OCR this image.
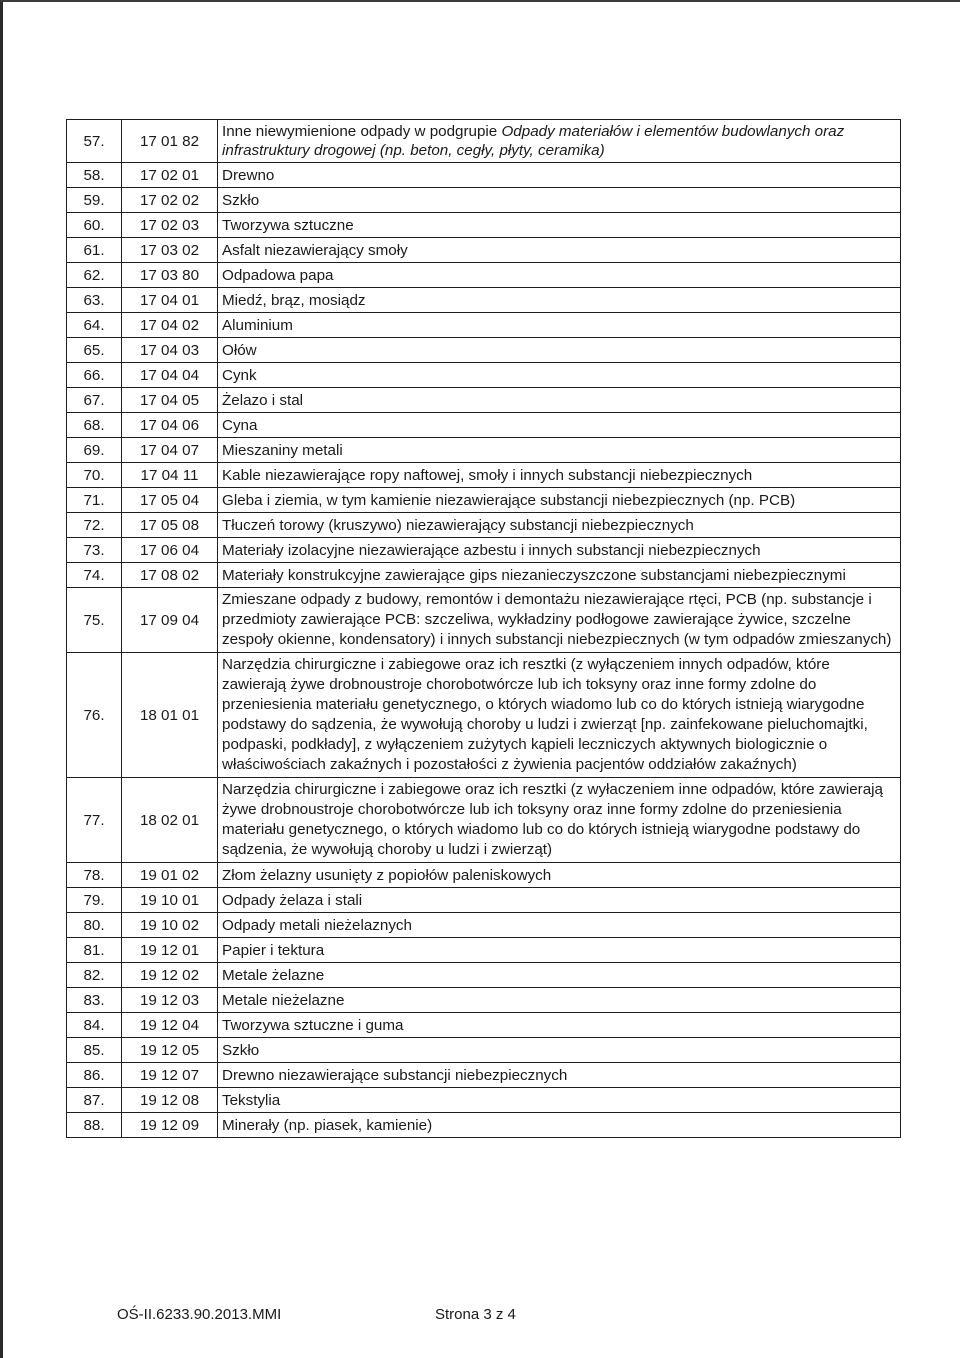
57.	17 01 82	Inne niewymienione odpady w podgrupie Odpady materiałów i elementów budowlanych oraz infrastruktury drogowej (np. beton, cegły, płyty, ceramika)
58.	17 02 01	Drewno
59.	17 02 02	Szkło
60.	17 02 03	Tworzywa sztuczne
61.	17 03 02	Asfalt niezawierający smoły
62.	17 03 80	Odpadowa papa
63.	17 04 01	Miedź, brąz, mosiądz
64.	17 04 02	Aluminium
65.	17 04 03	Ołów
66.	17 04 04	Cynk
67.	17 04 05	Żelazo i stal
68.	17 04 06	Cyna
69.	17 04 07	Mieszaniny metali
70.	17 04 11	Kable niezawierające ropy naftowej, smoły i innych substancji niebezpiecznych
71.	17 05 04	Gleba i ziemia, w tym kamienie niezawierające substancji niebezpiecznych (np. PCB)
72.	17 05 08	Tłuczeń torowy (kruszywo) niezawierający substancji niebezpiecznych
73.	17 06 04	Materiały izolacyjne niezawierające azbestu i innych substancji niebezpiecznych
74.	17 08 02	Materiały konstrukcyjne zawierające gips niezanieczyszczone substancjami niebezpiecznymi
75.	17 09 04	Zmieszane odpady z budowy, remontów i demontażu niezawierające rtęci, PCB (np. substancje i przedmioty zawierające PCB: szczeliwa, wykładziny podłogowe zawierające żywice, szczelne zespoły okienne, kondensatory) i innych substancji niebezpiecznych (w tym odpadów zmieszanych)
76.	18 01 01	Narzędzia chirurgiczne i zabiegowe oraz ich resztki (z wyłączeniem innych odpadów, które zawierają żywe drobnoustroje chorobotwórcze lub ich toksyny oraz inne formy zdolne do przeniesienia materiału genetycznego, o których wiadomo lub co do których istnieją wiarygodne podstawy do sądzenia, że wywołują choroby u ludzi i zwierząt [np. zainfekowane pieluchomajtki, podpaski, podkłady], z wyłączeniem zużytych kąpieli leczniczych aktywnych biologicznie o właściwościach zakaźnych i pozostałości z żywienia pacjentów oddziałów zakaźnych)
77.	18 02 01	Narzędzia chirurgiczne i zabiegowe oraz ich resztki (z wyłaczeniem inne odpadów, które zawierają żywe drobnoustroje chorobotwórcze lub ich toksyny oraz inne formy zdolne do przeniesienia materiału genetycznego, o których wiadomo lub co do których istnieją wiarygodne podstawy do sądzenia, że wywołują choroby u ludzi i zwierząt)
78.	19 01 02	Złom żelazny usunięty z popiołów paleniskowych
79.	19 10 01	Odpady żelaza i stali
80.	19 10 02	Odpady metali nieżelaznych
81.	19 12 01	Papier i tektura
82.	19 12 02	Metale żelazne
83.	19 12 03	Metale nieżelazne
84.	19 12 04	Tworzywa sztuczne i guma
85.	19 12 05	Szkło
86.	19 12 07	Drewno niezawierające substancji niebezpiecznych
87.	19 12 08	Tekstylia
88.	19 12 09	Minerały (np. piasek, kamienie)
OŚ-II.6233.90.2013.MMI	Strona 3 z 4
